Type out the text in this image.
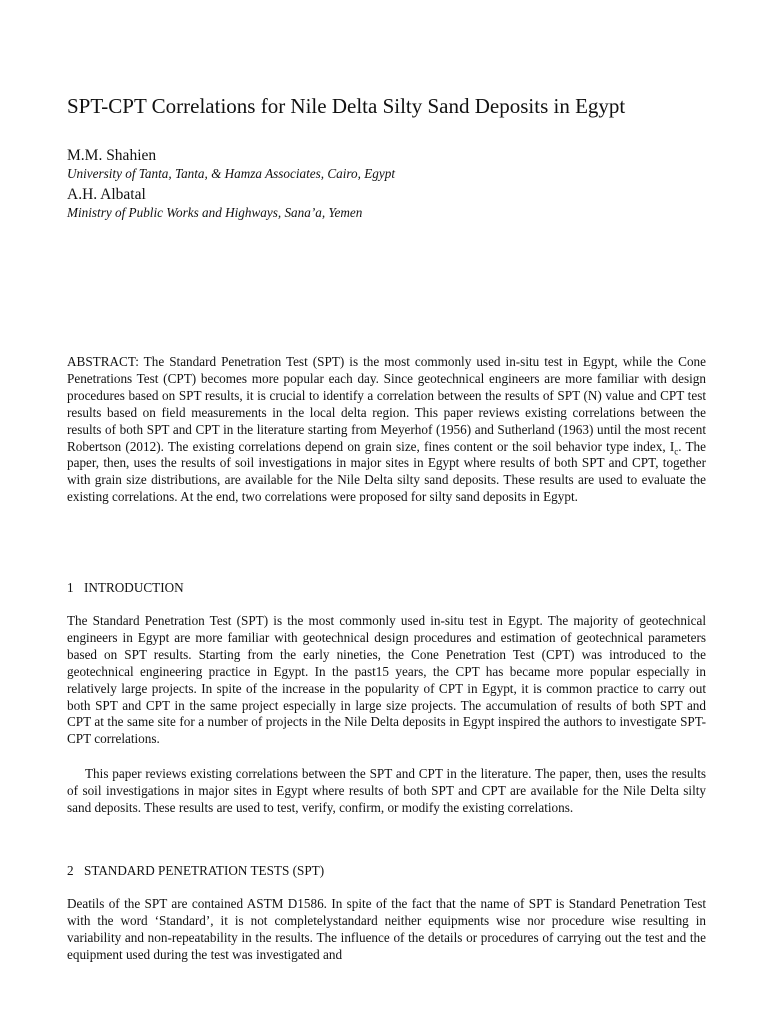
SPT-CPT Correlations for Nile Delta Silty Sand Deposits in Egypt
M.M. Shahien
University of Tanta, Tanta, & Hamza Associates, Cairo, Egypt
A.H. Albatal
Ministry of Public Works and Highways, Sana’a, Yemen

ABSTRACT: The Standard Penetration Test (SPT) is the most commonly used in-situ test in Egypt, while the Cone Penetrations Test (CPT) becomes more popular each day. Since geotechnical engineers are more familiar with design procedures based on SPT results, it is crucial to identify a correlation between the results of SPT (N) value and CPT test results based on field measurements in the local delta region. This paper reviews existing correlations between the results of both SPT and CPT in the literature starting from Meyerhof (1956) and Sutherland (1963) until the most recent Robertson (2012). The existing correlations depend on grain size, fines content or the soil behavior type index, $I_c$. The paper, then, uses the results of soil investigations in major sites in Egypt where results of both SPT and CPT, together with grain size distributions, are available for the Nile Delta silty sand deposits. These results are used to evaluate the existing correlations. At the end, two correlations were proposed for silty sand deposits in Egypt.

1 INTRODUCTION

The Standard Penetration Test (SPT) is the most commonly used in-situ test in Egypt. The majority of geotechnical engineers in Egypt are more familiar with geotechnical design procedures and estimation of geotechnical parameters based on SPT results. Starting from the early nineties, the Cone Penetration Test (CPT) was introduced to the geotechnical engineering practice in Egypt. In the past15 years, the CPT has became more popular especially in relatively large projects. In spite of the increase in the popularity of CPT in Egypt, it is common practice to carry out both SPT and CPT in the same project especially in large size projects. The accumulation of results of both SPT and CPT at the same site for a number of projects in the Nile Delta deposits in Egypt inspired the authors to investigate SPT-CPT correlations.

This paper reviews existing correlations between the SPT and CPT in the literature. The paper, then, uses the results of soil investigations in major sites in Egypt where results of both SPT and CPT are available for the Nile Delta silty sand deposits. These results are used to test, verify, confirm, or modify the existing correlations.

2 STANDARD PENETRATION TESTS (SPT)

Deatils of the SPT are contained ASTM D1586. In spite of the fact that the name of SPT is Standard Penetration Test with the word ‘Standard’, it is not completelystandard neither equipments wise nor procedure wise resulting in variability and non-repeatability in the results. The influence of the details or procedures of carrying out the test and the equipment used during the test was investigated and
